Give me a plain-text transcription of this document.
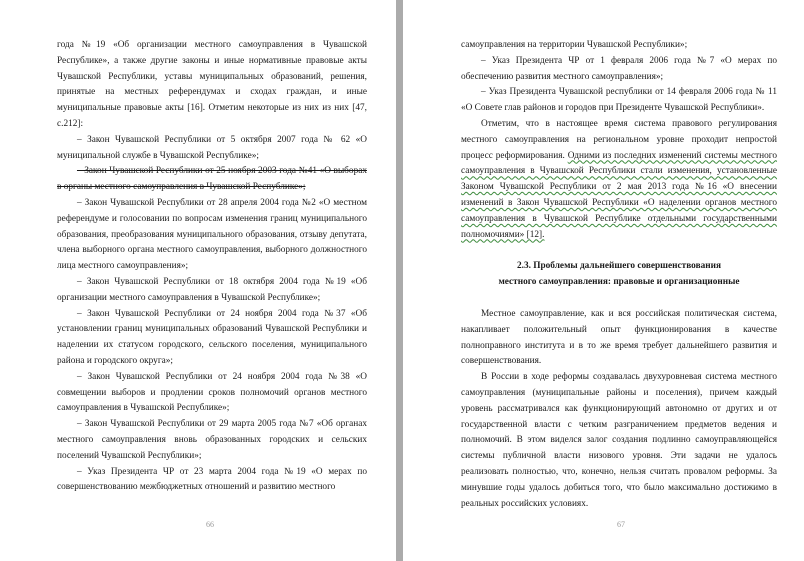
года №19 «Об организации местного самоуправления в Чувашской Республике», а также другие законы и иные нормативные правовые акты Чувашской Республики, уставы муниципальных образований, решения, принятые на местных референдумах и сходах граждан, и иные муниципальные правовые акты [16]. Отметим некоторые из них из них [47, с.212]:

– Закон Чувашской Республики от 5 октября 2007 года № 62 «О муниципальной службе в Чувашской Республике»;

– Закон Чувашской Республики от 25 ноября 2003 года №41 «О выборах в органы местного самоуправления в Чувашской Республике»;

– Закон Чувашской Республики от 28 апреля 2004 года №2 «О местном референдуме и голосовании по вопросам изменения границ муниципального образования, преобразования муниципального образования, отзыву депутата, члена выборного органа местного самоуправления, выборного должностного лица местного самоуправления»;

– Закон Чувашской Республики от 18 октября 2004 года №19 «Об организации местного самоуправления в Чувашской Республике»;

– Закон Чувашской Республики от 24 ноября 2004 года №37 «Об установлении границ муниципальных образований Чувашской Республики и наделении их статусом городского, сельского поселения, муниципального района и городского округа»;

– Закон Чувашской Республики от 24 ноября 2004 года №38 «О совмещении выборов и продлении сроков полномочий органов местного самоуправления в Чувашской Республике»;

– Закон Чувашской Республики от 29 марта 2005 года №7 «Об органах местного самоуправления вновь образованных городских и сельских поселений Чувашской Республики»;

– Указ Президента ЧР от 23 марта 2004 года №19 «О мерах по совершенствованию межбюджетных отношений и развитию местного

66

самоуправления на территории Чувашской Республики»;

– Указ Президента ЧР от 1 февраля 2006 года №7 «О мерах по обеспечению развития местного самоуправления»;

– Указ Президента Чувашской республики от 14 февраля 2006 года № 11 «О Совете глав районов и городов при Президенте Чувашской Республики».

Отметим, что в настоящее время система правового регулирования местного самоуправления на региональном уровне проходит непростой процесс реформирования. Одними из последних изменений системы местного самоуправления в Чувашской Республики стали изменения, установленные Законом Чувашской Республики от 2 мая 2013 года №16 «О внесении изменений в Закон Чувашской Республики «О наделении органов местного самоуправления в Чувашской Республике отдельными государственными полномочиями» [12].

2.3. Проблемы дальнейшего совершенствования

местного самоуправления: правовые и организационные

Местное самоуправление, как и вся российская политическая система, накапливает положительный опыт функционирования в качестве полноправного института и в то же время требует дальнейшего развития и совершенствования.

В России в ходе реформы создавалась двухуровневая система местного самоуправления (муниципальные районы и поселения), причем каждый уровень рассматривался как функционирующий автономно от других и от государственной власти с четким разграничением предметов ведения и полномочий. В этом виделся залог создания подлинно самоуправляющейся системы публичной власти низового уровня. Эти задачи не удалось реализовать полностью, что, конечно, нельзя считать провалом реформы. За минувшие годы удалось добиться того, что было максимально достижимо в реальных российских условиях.

67
